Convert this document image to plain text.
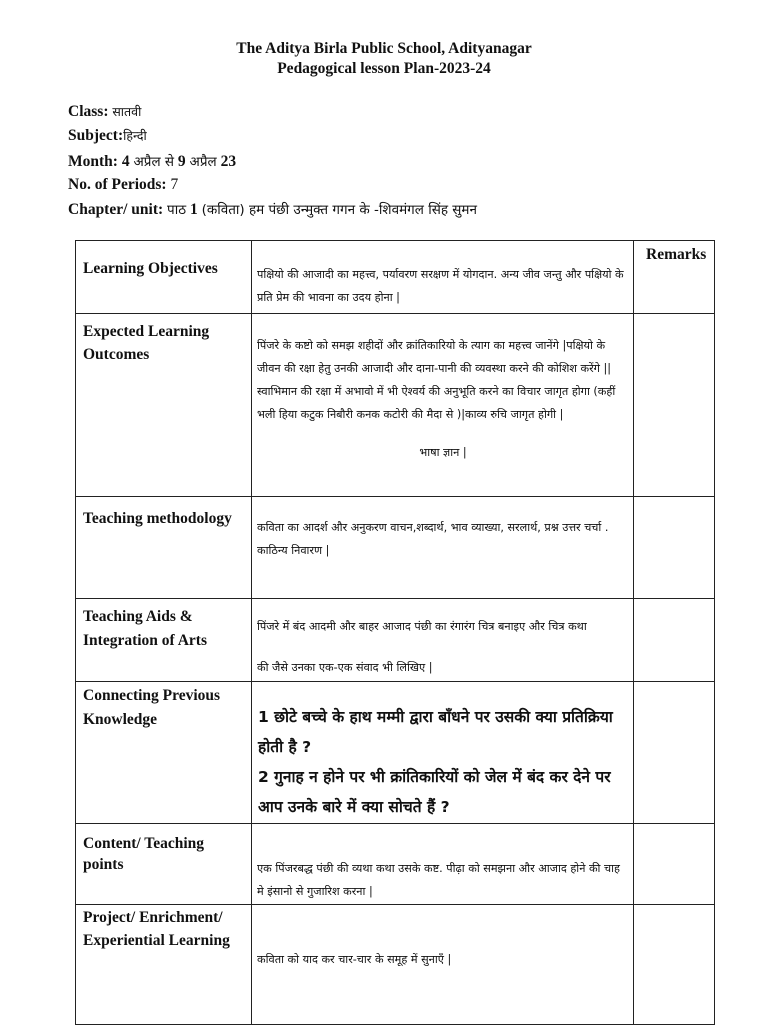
The Aditya Birla Public School, Adityanagar
Pedagogical lesson Plan-2023-24
Class: सातवी
Subject:हिन्दी
Month: 4 अप्रैल से 9 अप्रैल 23
No. of Periods: 7
Chapter/ unit: पाठ 1 (कविता) हम पंछी उन्मुक्त गगन के -शिवमंगल सिंह सुमन
Learning Objectives	पक्षियो की आजादी का महत्त्व, पर्यावरण सरक्षण में योगदान. अन्य जीव जन्तु और पक्षियो के प्रति प्रेम की भावना का उदय होना |	Remarks
Expected Learning Outcomes	पिंजरे के कष्टो को समझ शहीदों और क्रांतिकारियो के त्याग का महत्त्व जानेंगे |पक्षियो के जीवन की रक्षा हेतु उनकी आजादी और दाना-पानी की व्यवस्था करने की कोशिश करेंगे ||स्वाभिमान की रक्षा में अभावो में भी ऐश्वर्य की अनुभूति करने का विचार जागृत होगा (कहीं भली हिया कटुक निबौरी कनक कटोरी की मैदा से )|काव्य रुचि जागृत होगी |
भाषा ज्ञान |	

Teaching methodology	कविता का आदर्श और अनुकरण वाचन,शब्दार्थ, भाव व्याख्या, सरलार्थ, प्रश्न उत्तर चर्चा . काठिन्य निवारण |	

Teaching Aids & Integration of Arts	पिंजरे में बंद आदमी और बाहर आजाद पंछी का रंगारंग चित्र बनाइए और चित्र कथा
की जैसे उनका एक-एक संवाद भी लिखिए |	

Connecting Previous Knowledge	1 छोटे बच्चे के हाथ मम्मी द्वारा बाँधने पर उसकी क्या प्रतिक्रिया होती है ?
2 गुनाह न होने पर भी क्रांतिकारियों को जेल में बंद कर देने पर आप उनके बारे में क्या सोचते हैं ?	

Content/ Teaching points	एक पिंजरबद्ध पंछी की व्यथा कथा उसके कष्ट. पीढ़ा को समझना और आजाद होने की चाह मे इंसानो से गुजारिश करना |	

Project/ Enrichment/ Experiential Learning	कविता को याद कर चार-चार के समूह में सुनाएँ |	
